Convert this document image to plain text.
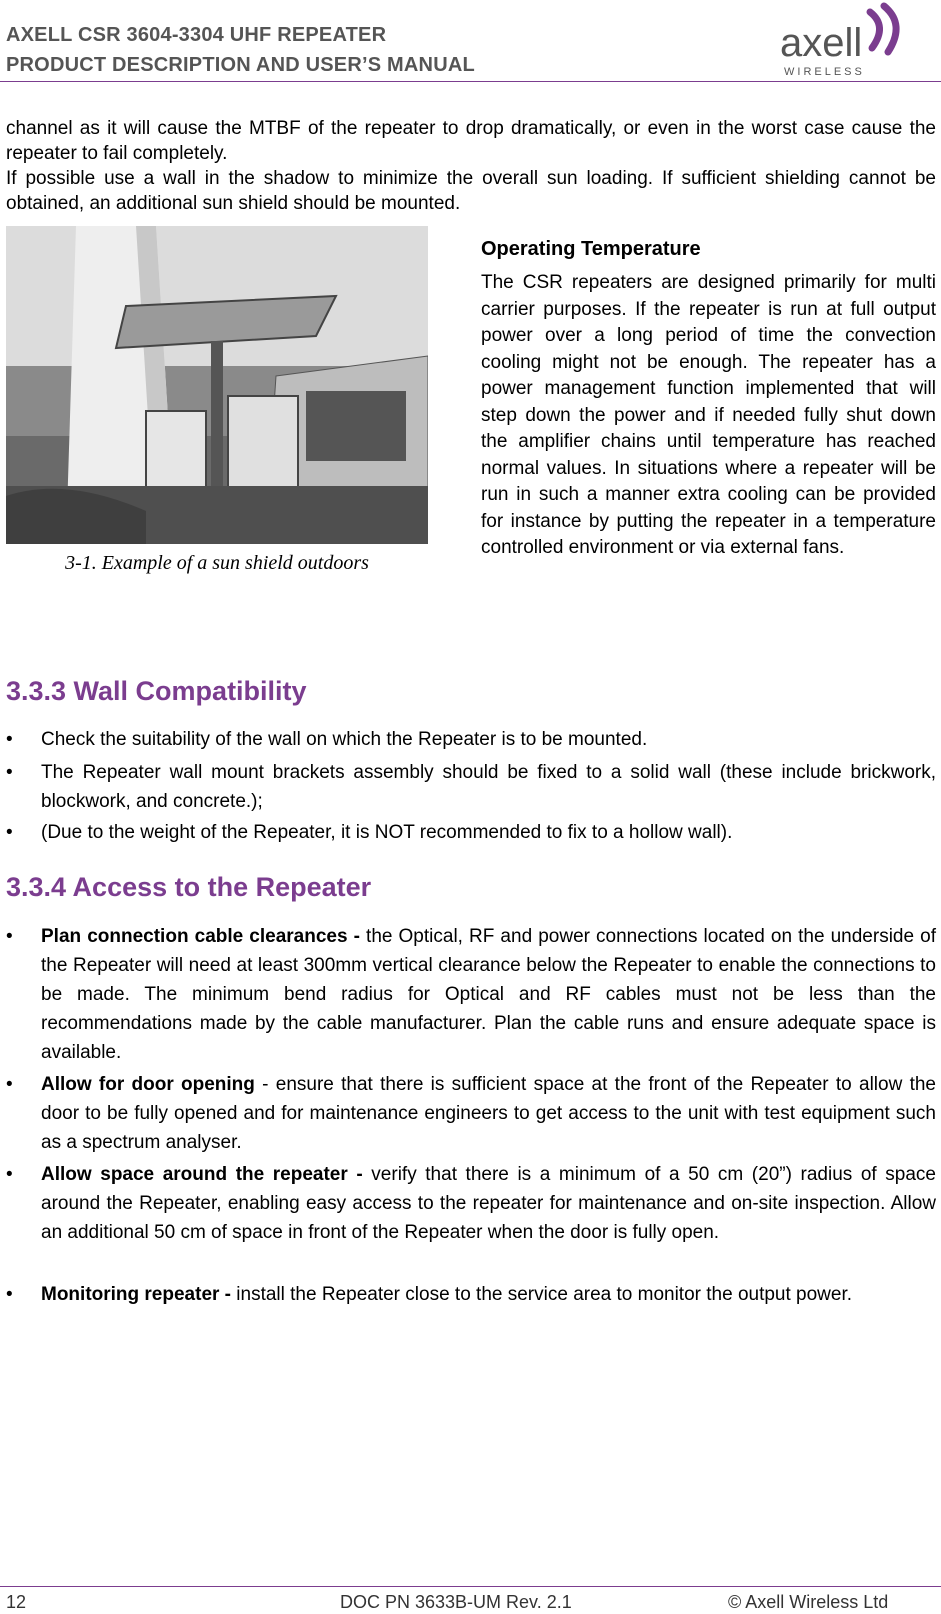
AXELL CSR 3604-3304 UHF REPEATER
PRODUCT DESCRIPTION AND USER’S MANUAL	axell
WIRELESS
channel as it will cause the MTBF of the repeater to drop dramatically, or even in the worst case cause the repeater to fail completely.
If possible use a wall in the shadow to minimize the overall sun loading. If sufficient shielding cannot be obtained, an additional sun shield should be mounted.
3-1. Example of a sun shield outdoors
Operating Temperature
The CSR repeaters are designed primarily for multi carrier purposes. If the repeater is run at full output power over a long period of time the convection cooling might not be enough. The repeater has a power management function implemented that will step down the power and if needed fully shut down the amplifier chains until temperature has reached normal values. In situations where a repeater will be run in such a manner extra cooling can be provided for instance by putting the repeater in a temperature controlled environment or via external fans.
3.3.3 Wall Compatibility
•	Check the suitability of the wall on which the Repeater is to be mounted.
•	The Repeater wall mount brackets assembly should be fixed to a solid wall (these include brickwork, blockwork, and concrete.);
•	(Due to the weight of the Repeater, it is NOT recommended to fix to a hollow wall).
3.3.4 Access to the Repeater
•	Plan connection cable clearances - the Optical, RF and power connections located on the underside of the Repeater will need at least 300mm vertical clearance below the Repeater to enable the connections to be made. The minimum bend radius for Optical and RF cables must not be less than the recommendations made by the cable manufacturer. Plan the cable runs and ensure adequate space is available.
•	Allow for door opening - ensure that there is sufficient space at the front of the Repeater to allow the door to be fully opened and for maintenance engineers to get access to the unit with test equipment such as a spectrum analyser.
•	Allow space around the repeater - verify that there is a minimum of a 50 cm (20”) radius of space around the Repeater, enabling easy access to the repeater for maintenance and on-site inspection. Allow an additional 50 cm of space in front of the Repeater when the door is fully open.
•	Monitoring repeater - install the Repeater close to the service area to monitor the output power.
12	DOC PN 3633B-UM Rev. 2.1	© Axell Wireless Ltd
